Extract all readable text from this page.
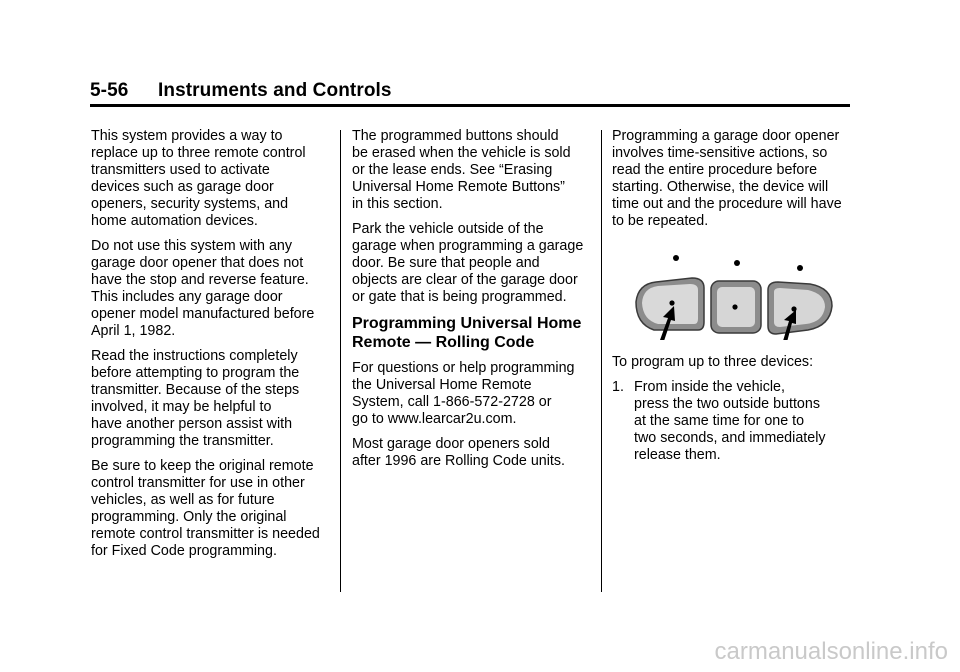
5-56 Instruments and Controls

This system provides a way to
replace up to three remote control
transmitters used to activate
devices such as garage door
openers, security systems, and
home automation devices.

Do not use this system with any
garage door opener that does not
have the stop and reverse feature.
This includes any garage door
opener model manufactured before
April 1, 1982.

Read the instructions completely
before attempting to program the
transmitter. Because of the steps
involved, it may be helpful to
have another person assist with
programming the transmitter.

Be sure to keep the original remote
control transmitter for use in other
vehicles, as well as for future
programming. Only the original
remote control transmitter is needed
for Fixed Code programming.

The programmed buttons should
be erased when the vehicle is sold
or the lease ends. See “Erasing
Universal Home Remote Buttons”
in this section.

Park the vehicle outside of the
garage when programming a garage
door. Be sure that people and
objects are clear of the garage door
or gate that is being programmed.

Programming Universal Home
Remote — Rolling Code

For questions or help programming
the Universal Home Remote
System, call 1-866-572-2728 or
go to www.learcar2u.com.

Most garage door openers sold
after 1996 are Rolling Code units.

Programming a garage door opener
involves time-sensitive actions, so
read the entire procedure before
starting. Otherwise, the device will
time out and the procedure will have
to be repeated.

To program up to three devices:

1. From inside the vehicle,
press the two outside buttons
at the same time for one to
two seconds, and immediately
release them.
carmanualsonline.info
